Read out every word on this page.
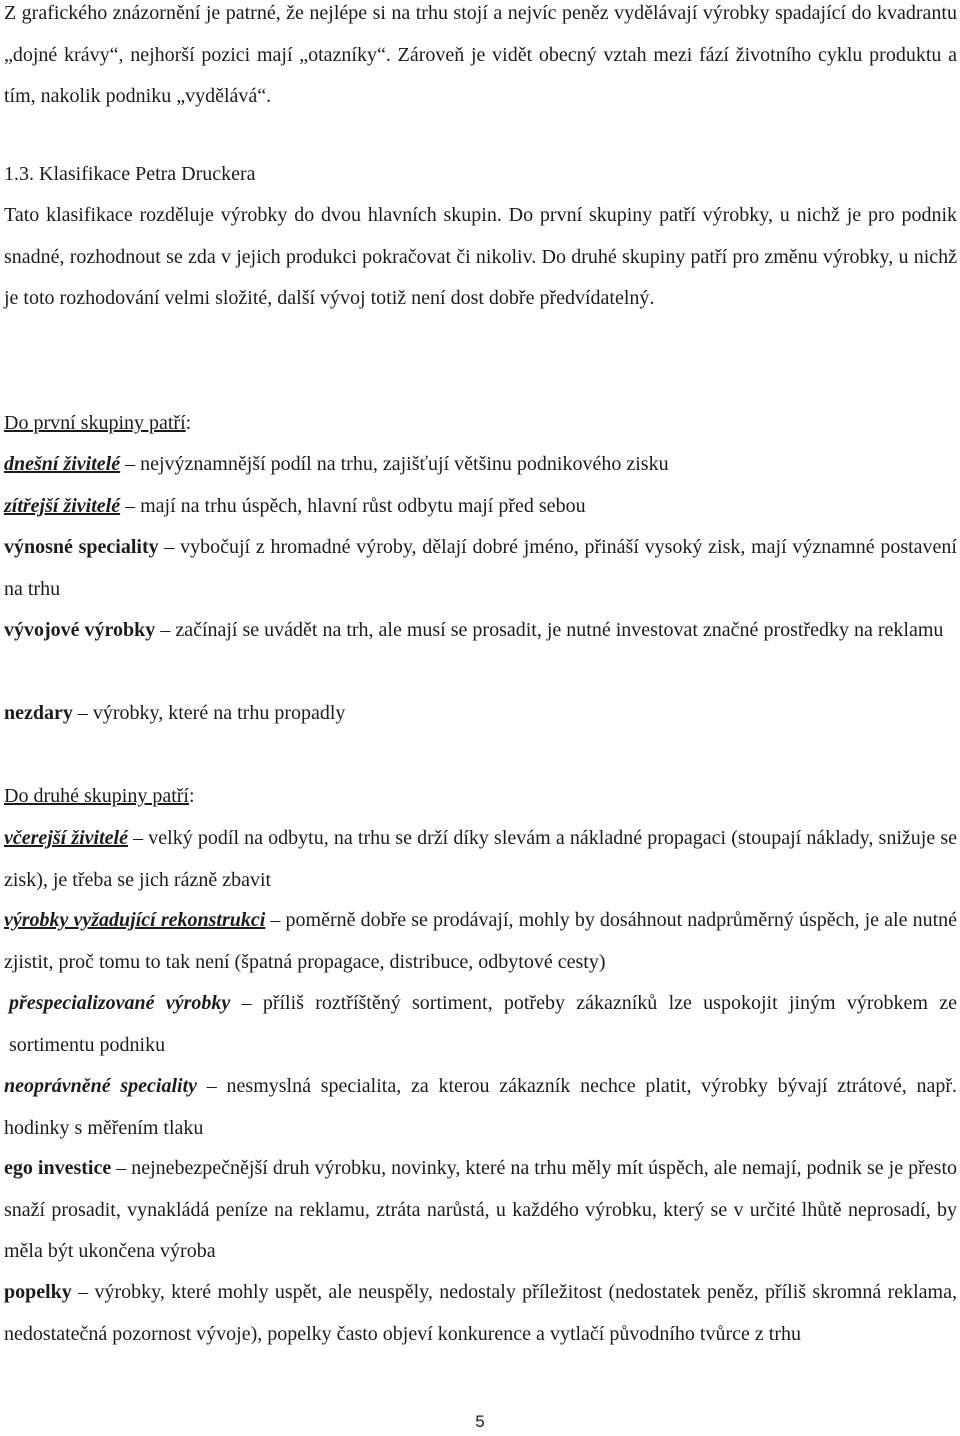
Z grafického znázornění je patrné, že nejlépe si na trhu stojí a nejvíc peněz vydělávají výrobky spadající do kvadrantu „dojné krávy“, nejhorší pozici mají „otazníky“. Zároveň je vidět obecný vztah mezi fází životního cyklu produktu a tím, nakolik podniku „vydělává“.

1.3. Klasifikace Petra Druckera

Tato klasifikace rozděluje výrobky do dvou hlavních skupin. Do první skupiny patří výrobky, u nichž je pro podnik snadné, rozhodnout se zda v jejich produkci pokračovat či nikoliv. Do druhé skupiny patří pro změnu výrobky, u nichž je toto rozhodování velmi složité, další vývoj totiž není dost dobře předvídatelný.

Do první skupiny patří:

dnešní živitelé – nejvýznamnější podíl na trhu, zajišťují většinu podnikového zisku

zítřejší živitelé – mají na trhu úspěch, hlavní růst odbytu mají před sebou

výnosné speciality – vybočují z hromadné výroby, dělají dobré jméno, přináší vysoký zisk, mají významné postavení na trhu

vývojové výrobky – začínají se uvádět na trh, ale musí se prosadit, je nutné investovat značné prostředky na reklamu

nezdary – výrobky, které na trhu propadly

Do druhé skupiny patří:

včerejší živitelé – velký podíl na odbytu, na trhu se drží díky slevám a nákladné propagaci (stoupají náklady, snižuje se zisk), je třeba se jich rázně zbavit

výrobky vyžadující rekonstrukci – poměrně dobře se prodávají, mohly by dosáhnout nadprůměrný úspěch, je ale nutné zjistit, proč tomu to tak není (špatná propagace, distribuce, odbytové cesty)

přespecializované výrobky – příliš roztříštěný sortiment, potřeby zákazníků lze uspokojit jiným výrobkem ze sortimentu podniku

neoprávněné speciality – nesmyslná specialita, za kterou zákazník nechce platit, výrobky bývají ztrátové, např. hodinky s měřením tlaku

ego investice – nejnebezpečnější druh výrobku, novinky, které na trhu měly mít úspěch, ale nemají, podnik se je přesto snaží prosadit, vynakládá peníze na reklamu, ztráta narůstá, u každého výrobku, který se v určité lhůtě neprosadí, by měla být ukončena výroba

popelky – výrobky, které mohly uspět, ale neuspěly, nedostaly příležitost (nedostatek peněz, příliš skromná reklama, nedostatečná pozornost vývoje), popelky často objeví konkurence a vytlačí původního tvůrce z trhu

5
